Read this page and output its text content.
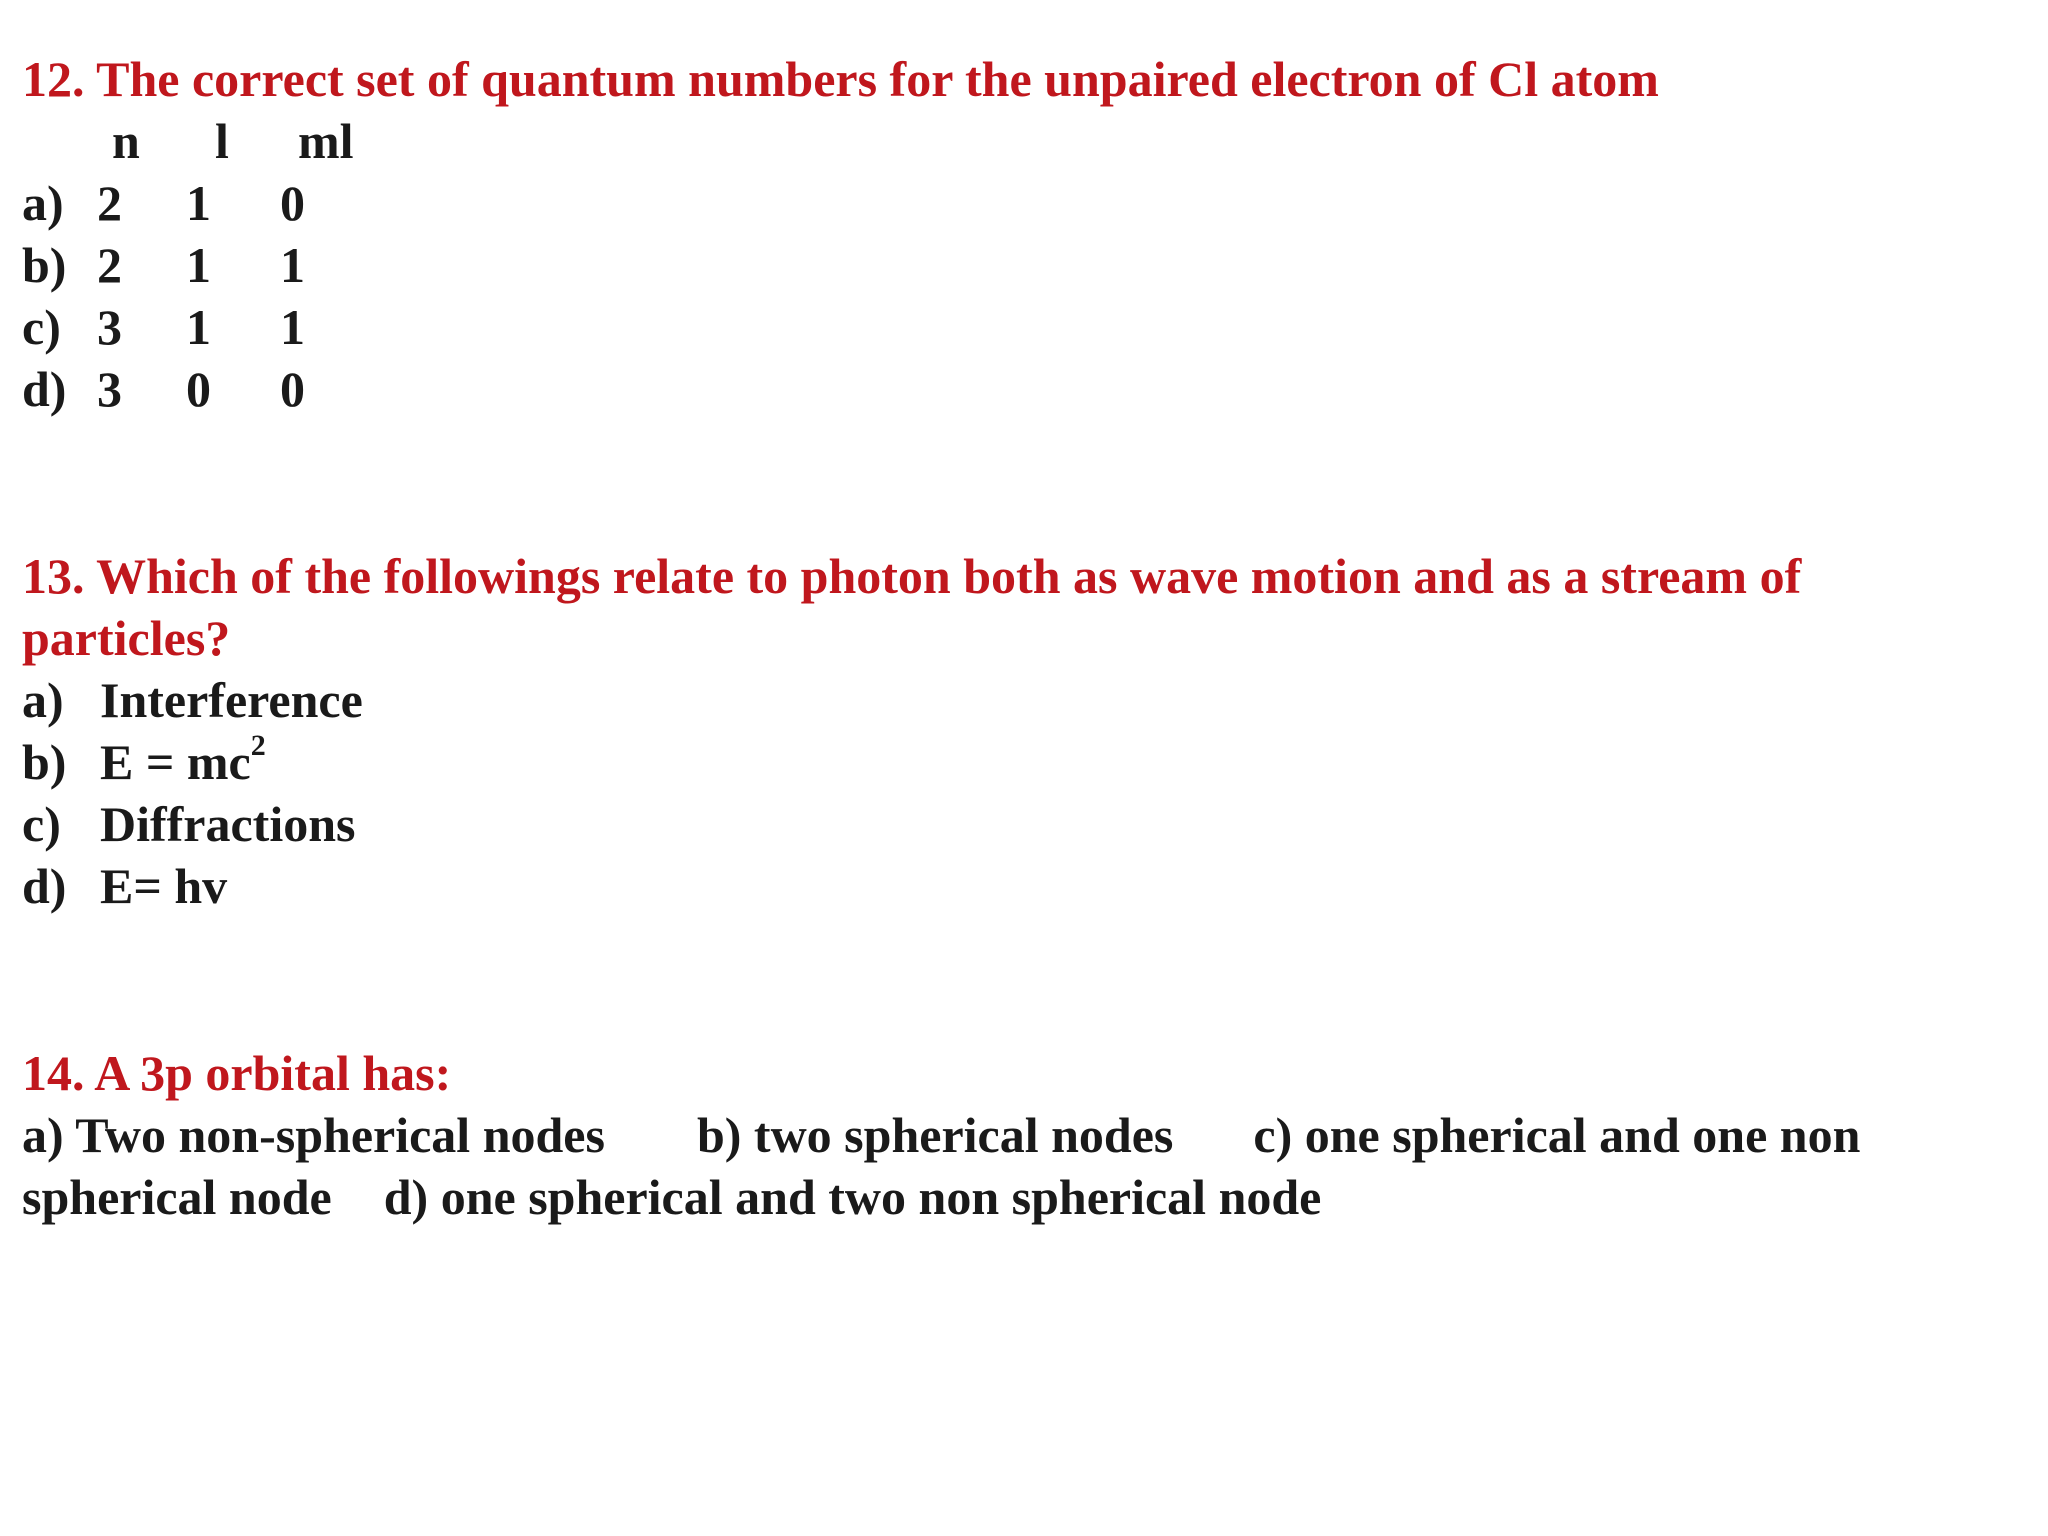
12. The correct set of quantum numbers for the unpaired electron of Cl atom
n l ml
a) 2 1 0
b) 2 1 1
c) 3 1 1
d) 3 0 0
13. Which of the followings relate to photon both as wave motion and as a stream of particles?
a) Interference
b) $E = mc^2$
c) Diffractions
d) E= hv
14. A 3p orbital has:
a) Two non-spherical nodes b) two spherical nodes c) one spherical and one non
spherical node d) one spherical and two non spherical node
